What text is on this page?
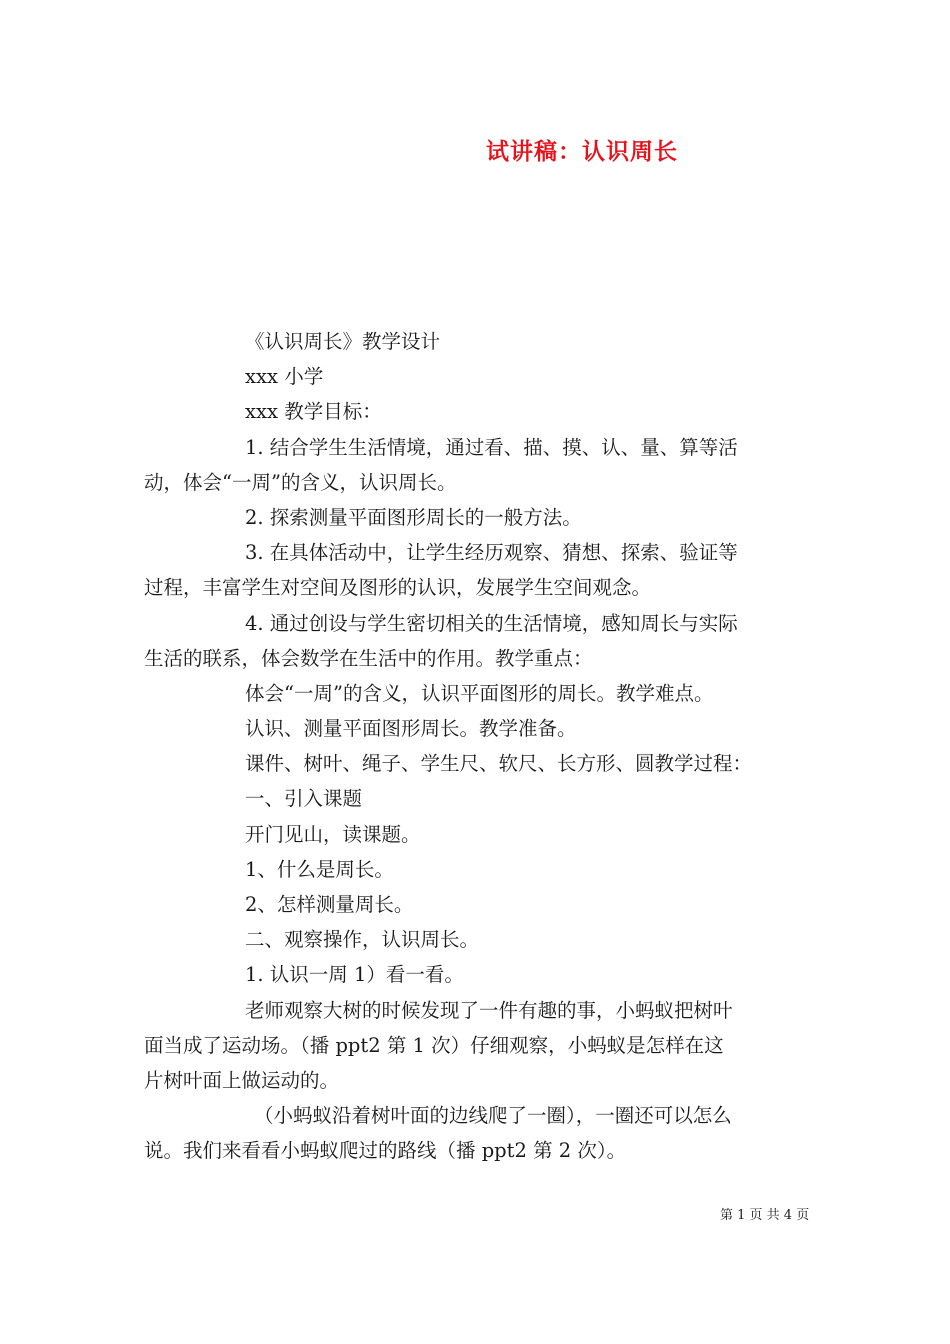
试讲稿：认识周长
《认识周长》教学设计
xxx 小学
xxx 教学目标：
1. 结合学生生活情境，通过看、描、摸、认、量、算等活
动，体会“一周”的含义，认识周长。
2. 探索测量平面图形周长的一般方法。
3. 在具体活动中，让学生经历观察、猜想、探索、验证等
过程，丰富学生对空间及图形的认识，发展学生空间观念。
4. 通过创设与学生密切相关的生活情境，感知周长与实际
生活的联系，体会数学在生活中的作用。教学重点：
体会“一周”的含义，认识平面图形的周长。教学难点。
认识、测量平面图形周长。教学准备。
课件、树叶、绳子、学生尺、软尺、长方形、圆教学过程：
一、引入课题
开门见山，读课题。
1、什么是周长。
2、怎样测量周长。
二、观察操作，认识周长。
1. 认识一周 1）看一看。
老师观察大树的时候发现了一件有趣的事，小蚂蚁把树叶
面当成了运动场。（播 ppt2 第 1 次）仔细观察，小蚂蚁是怎样在这
片树叶面上做运动的。
（小蚂蚁沿着树叶面的边线爬了一圈），一圈还可以怎么
说。我们来看看小蚂蚁爬过的路线（播 ppt2 第 2 次）。
第 1 页 共 4 页
